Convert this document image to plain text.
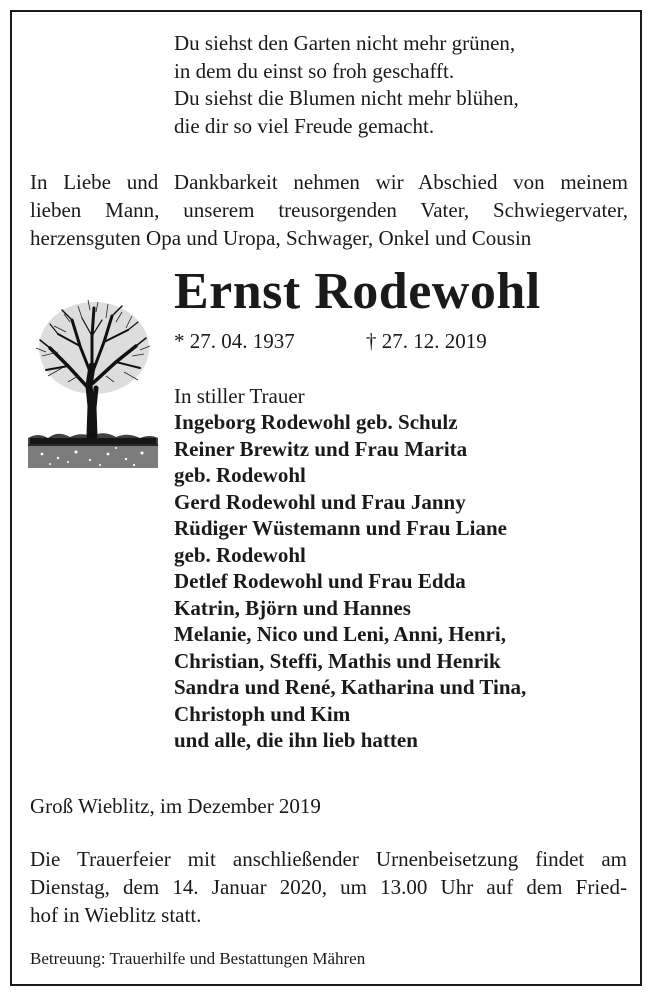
Du siehst den Garten nicht mehr grünen,
in dem du einst so froh geschafft.
Du siehst die Blumen nicht mehr blühen,
die dir so viel Freude gemacht.
In Liebe und Dankbarkeit nehmen wir Abschied von meinem
lieben Mann, unserem treusorgenden Vater, Schwiegervater,
herzensguten Opa und Uropa, Schwager, Onkel und Cousin
Ernst Rodewohl
* 27. 04. 1937	† 27. 12. 2019
In stiller Trauer
Ingeborg Rodewohl geb. Schulz
Reiner Brewitz und Frau Marita
geb. Rodewohl
Gerd Rodewohl und Frau Janny
Rüdiger Wüstemann und Frau Liane
geb. Rodewohl
Detlef Rodewohl und Frau Edda
Katrin, Björn und Hannes
Melanie, Nico und Leni, Anni, Henri,
Christian, Steffi, Mathis und Henrik
Sandra und René, Katharina und Tina,
Christoph und Kim
und alle, die ihn lieb hatten
Groß Wieblitz, im Dezember 2019
Die Trauerfeier mit anschließender Urnenbeisetzung findet am
Dienstag, dem 14. Januar 2020, um 13.00 Uhr auf dem Fried-
hof in Wieblitz statt.
Betreuung: Trauerhilfe und Bestattungen Mähren
